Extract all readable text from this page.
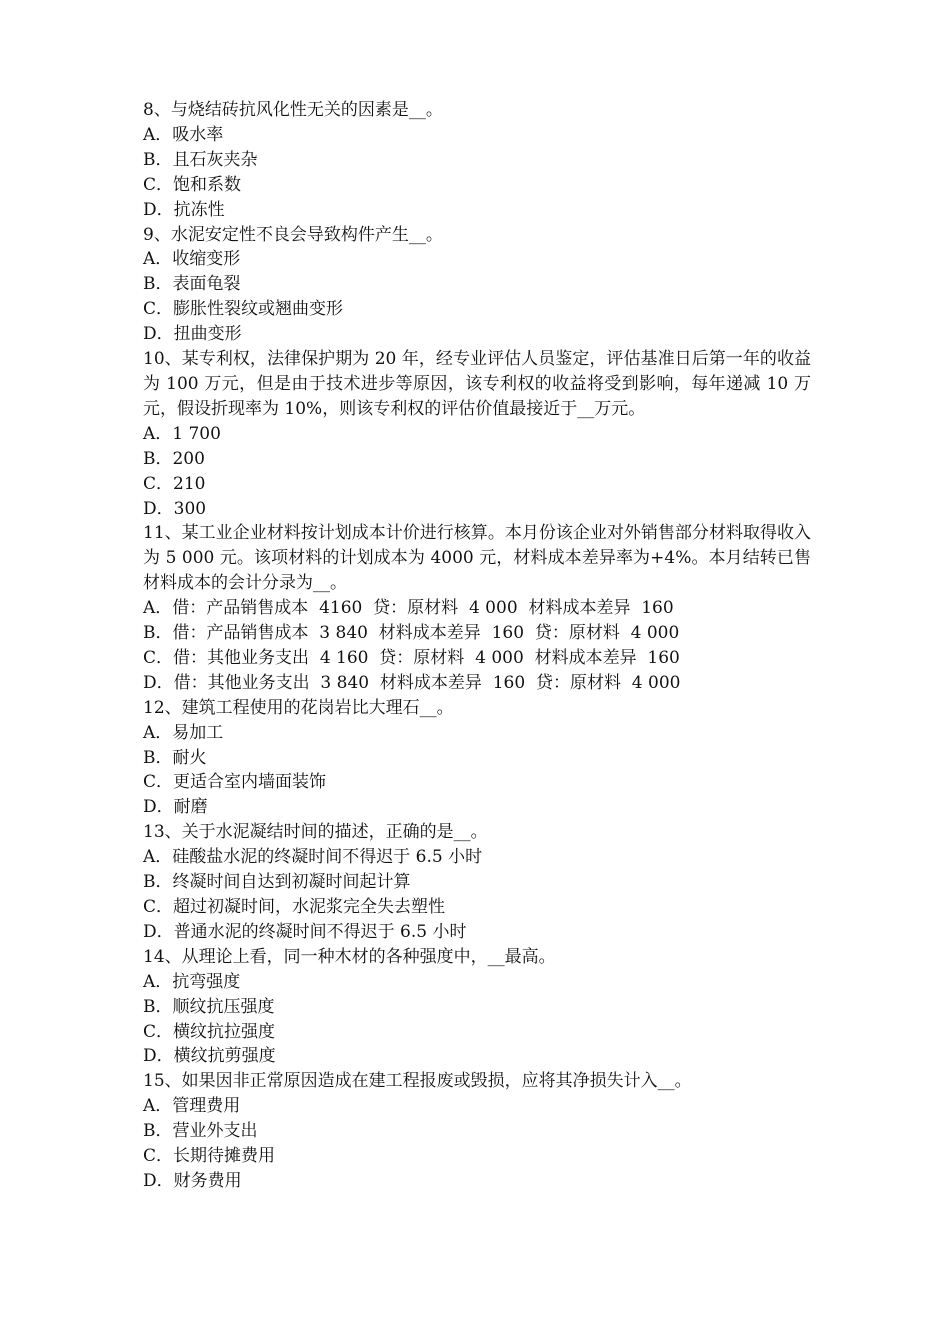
8、与烧结砖抗风化性无关的因素是__。
A．吸水率
B．且石灰夹杂
C．饱和系数
D．抗冻性
9、水泥安定性不良会导致构件产生__。
A．收缩变形
B．表面龟裂
C．膨胀性裂纹或翘曲变形
D．扭曲变形
10、某专利权，法律保护期为 20 年，经专业评估人员鉴定，评估基准日后第一年的收益为 100 万元，但是由于技术进步等原因，该专利权的收益将受到影响，每年递减 10 万元，假设折现率为 10%，则该专利权的评估价值最接近于__万元。
A．1 700
B．200
C．210
D．300
11、某工业企业材料按计划成本计价进行核算。本月份该企业对外销售部分材料取得收入为 5 000 元。该项材料的计划成本为 4000 元，材料成本差异率为+4%。本月结转已售材料成本的会计分录为__。
A．借：产品销售成本  4160  贷：原材料  4 000  材料成本差异  160
B．借：产品销售成本  3 840  材料成本差异  160  贷：原材料  4 000
C．借：其他业务支出  4 160  贷：原材料  4 000  材料成本差异  160
D．借：其他业务支出  3 840  材料成本差异  160  贷：原材料  4 000
12、建筑工程使用的花岗岩比大理石__。
A．易加工
B．耐火
C．更适合室内墙面装饰
D．耐磨
13、关于水泥凝结时间的描述，正确的是__。
A．硅酸盐水泥的终凝时间不得迟于 6.5 小时
B．终凝时间自达到初凝时间起计算
C．超过初凝时间，水泥浆完全失去塑性
D．普通水泥的终凝时间不得迟于 6.5 小时
14、从理论上看，同一种木材的各种强度中，__最高。
A．抗弯强度
B．顺纹抗压强度
C．横纹抗拉强度
D．横纹抗剪强度
15、如果因非正常原因造成在建工程报废或毁损，应将其净损失计入__。
A．管理费用
B．营业外支出
C．长期待摊费用
D．财务费用
